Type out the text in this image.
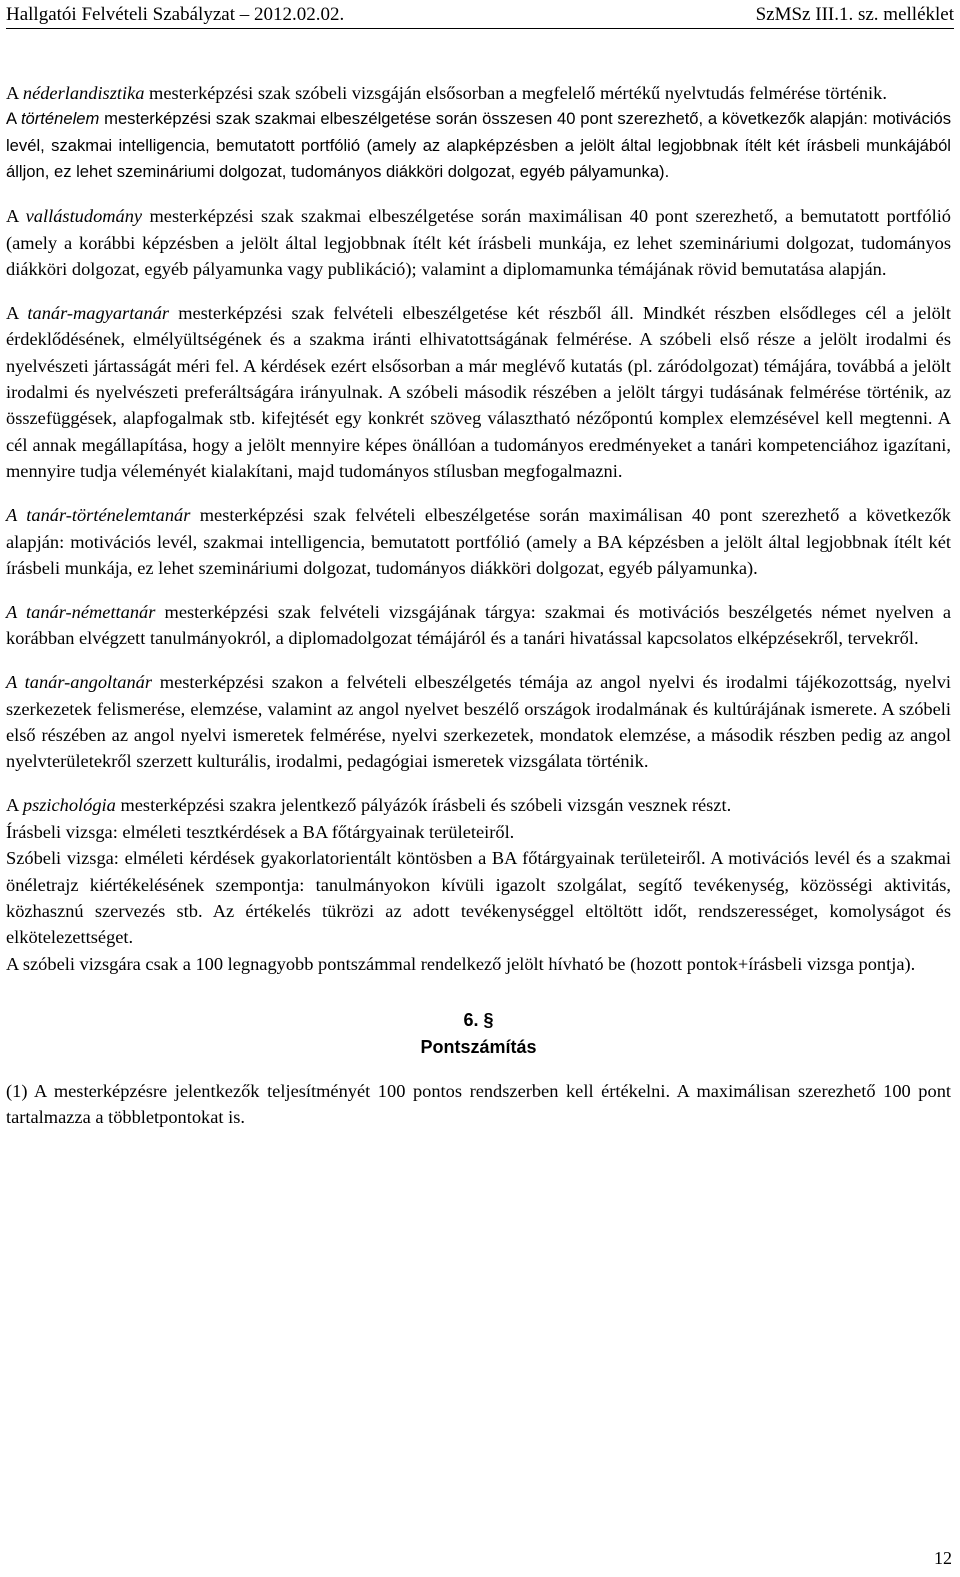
Hallgatói Felvételi Szabályzat – 2012.02.02.	SzMSz III.1. sz. melléklet

A néderlandisztika mesterképzési szak szóbeli vizsgáján elsősorban a megfelelő mértékű nyelvtudás felmérése történik.

A történelem mesterképzési szak szakmai elbeszélgetése során összesen 40 pont szerezhető, a következők alapján: motivációs levél, szakmai intelligencia, bemutatott portfólió (amely az alapképzésben a jelölt által legjobbnak ítélt két írásbeli munkájából álljon, ez lehet szemináriumi dolgozat, tudományos diákköri dolgozat, egyéb pályamunka).

A vallástudomány mesterképzési szak szakmai elbeszélgetése során maximálisan 40 pont szerezhető, a bemutatott portfólió (amely a korábbi képzésben a jelölt által legjobbnak ítélt két írásbeli munkája, ez lehet szemináriumi dolgozat, tudományos diákköri dolgozat, egyéb pályamunka vagy publikáció); valamint a diplomamunka témájának rövid bemutatása alapján.

A tanár-magyartanár mesterképzési szak felvételi elbeszélgetése két részből áll. Mindkét részben elsődleges cél a jelölt érdeklődésének, elmélyültségének és a szakma iránti elhivatottságának felmérése. A szóbeli első része a jelölt irodalmi és nyelvészeti jártasságát méri fel. A kérdések ezért elsősorban a már meglévő kutatás (pl. záródolgozat) témájára, továbbá a jelölt irodalmi és nyelvészeti preferáltságára irányulnak. A szóbeli második részében a jelölt tárgyi tudásának felmérése történik, az összefüggések, alapfogalmak stb. kifejtését egy konkrét szöveg választható nézőpontú komplex elemzésével kell megtenni. A cél annak megállapítása, hogy a jelölt mennyire képes önállóan a tudományos eredményeket a tanári kompetenciához igazítani, mennyire tudja véleményét kialakítani, majd tudományos stílusban megfogalmazni.

A tanár-történelemtanár mesterképzési szak felvételi elbeszélgetése során maximálisan 40 pont szerezhető a következők alapján: motivációs levél, szakmai intelligencia, bemutatott portfólió (amely a BA képzésben a jelölt által legjobbnak ítélt két írásbeli munkája, ez lehet szemináriumi dolgozat, tudományos diákköri dolgozat, egyéb pályamunka).

A tanár-némettanár mesterképzési szak felvételi vizsgájának tárgya: szakmai és motivációs beszélgetés német nyelven a korábban elvégzett tanulmányokról, a diplomadolgozat témájáról és a tanári hivatással kapcsolatos elképzésekről, tervekről.

A tanár-angoltanár mesterképzési szakon a felvételi elbeszélgetés témája az angol nyelvi és irodalmi tájékozottság, nyelvi szerkezetek felismerése, elemzése, valamint az angol nyelvet beszélő országok irodalmának és kultúrájának ismerete. A szóbeli első részében az angol nyelvi ismeretek felmérése, nyelvi szerkezetek, mondatok elemzése, a második részben pedig az angol nyelvterületekről szerzett kulturális, irodalmi, pedagógiai ismeretek vizsgálata történik.

A pszichológia mesterképzési szakra jelentkező pályázók írásbeli és szóbeli vizsgán vesznek részt.

Írásbeli vizsga: elméleti tesztkérdések a BA főtárgyainak területeiről.

Szóbeli vizsga: elméleti kérdések gyakorlatorientált köntösben a BA főtárgyainak területeiről. A motivációs levél és a szakmai önéletrajz kiértékelésének szempontja: tanulmányokon kívüli igazolt szolgálat, segítő tevékenység, közösségi aktivitás, közhasznú szervezés stb. Az értékelés tükrözi az adott tevékenységgel eltöltött időt, rendszerességet, komolyságot és elkötelezettséget.

A szóbeli vizsgára csak a 100 legnagyobb pontszámmal rendelkező jelölt hívható be (hozott pontok+írásbeli vizsga pontja).

6. §
Pontszámítás

(1) A mesterképzésre jelentkezők teljesítményét 100 pontos rendszerben kell értékelni. A maximálisan szerezhető 100 pont tartalmazza a többletpontokat is.

12
